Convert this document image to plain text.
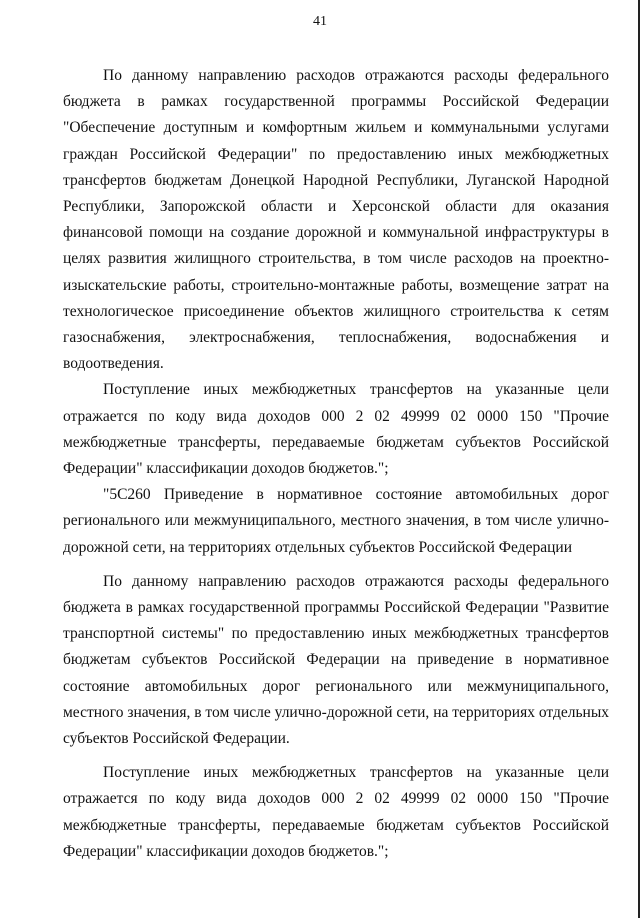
41

По данному направлению расходов отражаются расходы федерального бюджета в рамках государственной программы Российской Федерации "Обеспечение доступным и комфортным жильем и коммунальными услугами граждан Российской Федерации" по предоставлению иных межбюджетных трансфертов бюджетам Донецкой Народной Республики, Луганской Народной Республики, Запорожской области и Херсонской области для оказания финансовой помощи на создание дорожной и коммунальной инфраструктуры в целях развития жилищного строительства, в том числе расходов на проектно-изыскательские работы, строительно-монтажные работы, возмещение затрат на технологическое присоединение объектов жилищного строительства к сетям газоснабжения, электроснабжения, теплоснабжения, водоснабжения и водоотведения.

Поступление иных межбюджетных трансфертов на указанные цели отражается по коду вида доходов 000 2 02 49999 02 0000 150 "Прочие межбюджетные трансферты, передаваемые бюджетам субъектов Российской Федерации" классификации доходов бюджетов.";

"5С260 Приведение в нормативное состояние автомобильных дорог регионального или межмуниципального, местного значения, в том числе улично-дорожной сети, на территориях отдельных субъектов Российской Федерации

По данному направлению расходов отражаются расходы федерального бюджета в рамках государственной программы Российской Федерации "Развитие транспортной системы" по предоставлению иных межбюджетных трансфертов бюджетам субъектов Российской Федерации на приведение в нормативное состояние автомобильных дорог регионального или межмуниципального, местного значения, в том числе улично-дорожной сети, на территориях отдельных субъектов Российской Федерации.

Поступление иных межбюджетных трансфертов на указанные цели отражается по коду вида доходов 000 2 02 49999 02 0000 150 "Прочие межбюджетные трансферты, передаваемые бюджетам субъектов Российской Федерации" классификации доходов бюджетов.";
